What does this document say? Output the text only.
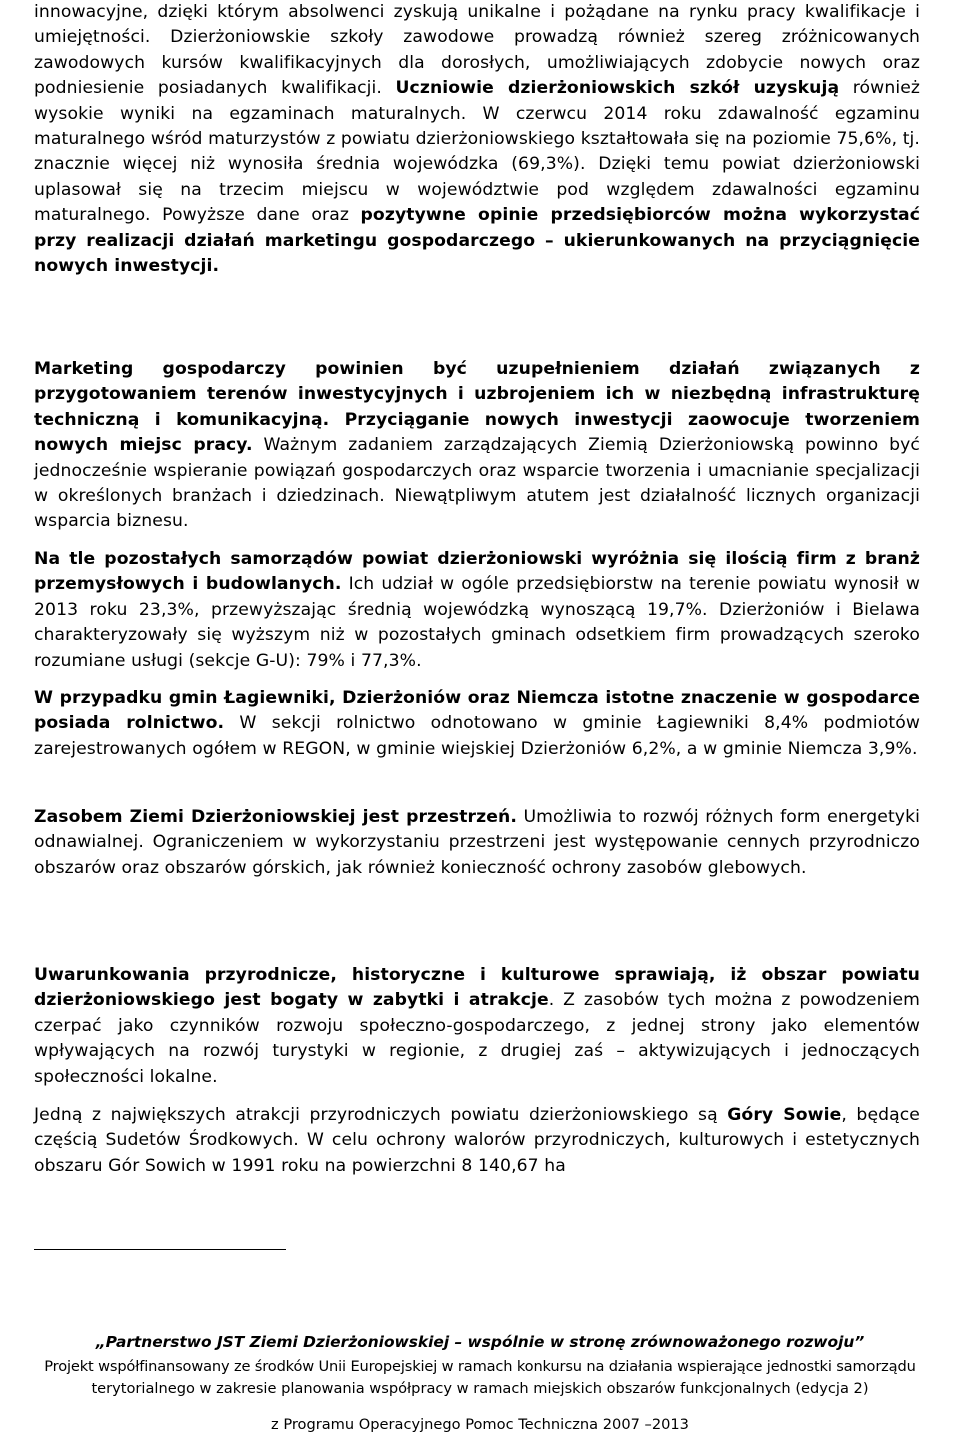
innowacyjne, dzięki którym absolwenci zyskują unikalne i pożądane na rynku pracy kwalifikacje i umiejętności. Dzierżoniowskie szkoły zawodowe prowadzą również szereg zróżnicowanych zawodowych kursów kwalifikacyjnych dla dorosłych, umożliwiających zdobycie nowych oraz podniesienie posiadanych kwalifikacji. Uczniowie dzierżoniowskich szkół uzyskują również wysokie wyniki na egzaminach maturalnych. W czerwcu 2014 roku zdawalność egzaminu maturalnego wśród maturzystów z powiatu dzierżoniowskiego kształtowała się na poziomie 75,6%, tj. znacznie więcej niż wynosiła średnia wojewódzka (69,3%). Dzięki temu powiat dzierżoniowski uplasował się na trzecim miejscu w województwie pod względem zdawalności egzaminu maturalnego. Powyższe dane oraz pozytywne opinie przedsiębiorców można wykorzystać przy realizacji działań marketingu gospodarczego – ukierunkowanych na przyciągnięcie nowych inwestycji.

Marketing gospodarczy powinien być uzupełnieniem działań związanych z przygotowaniem terenów inwestycyjnych i uzbrojeniem ich w niezbędną infrastrukturę techniczną i komunikacyjną. Przyciąganie nowych inwestycji zaowocuje tworzeniem nowych miejsc pracy. Ważnym zadaniem zarządzających Ziemią Dzierżoniowską powinno być jednocześnie wspieranie powiązań gospodarczych oraz wsparcie tworzenia i umacnianie specjalizacji w określonych branżach i dziedzinach. Niewątpliwym atutem jest działalność licznych organizacji wsparcia biznesu.

Na tle pozostałych samorządów powiat dzierżoniowski wyróżnia się ilością firm z branż przemysłowych i budowlanych. Ich udział w ogóle przedsiębiorstw na terenie powiatu wynosił w 2013 roku 23,3%, przewyższając średnią wojewódzką wynoszącą 19,7%. Dzierżoniów i Bielawa charakteryzowały się wyższym niż w pozostałych gminach odsetkiem firm prowadzących szeroko rozumiane usługi (sekcje G-U): 79% i 77,3%.

W przypadku gmin Łagiewniki, Dzierżoniów oraz Niemcza istotne znaczenie w gospodarce posiada rolnictwo. W sekcji rolnictwo odnotowano w gminie Łagiewniki 8,4% podmiotów zarejestrowanych ogółem w REGON, w gminie wiejskiej Dzierżoniów 6,2%, a w gminie Niemcza 3,9%.

Zasobem Ziemi Dzierżoniowskiej jest przestrzeń. Umożliwia to rozwój różnych form energetyki odnawialnej. Ograniczeniem w wykorzystaniu przestrzeni jest występowanie cennych przyrodniczo obszarów oraz obszarów górskich, jak również konieczność ochrony zasobów glebowych.

Uwarunkowania przyrodnicze, historyczne i kulturowe sprawiają, iż obszar powiatu dzierżoniowskiego jest bogaty w zabytki i atrakcje. Z zasobów tych można z powodzeniem czerpać jako czynników rozwoju społeczno-gospodarczego, z jednej strony jako elementów wpływających na rozwój turystyki w regionie, z drugiej zaś – aktywizujących i jednoczących społeczności lokalne.

Jedną z największych atrakcji przyrodniczych powiatu dzierżoniowskiego są Góry Sowie, będące częścią Sudetów Środkowych. W celu ochrony walorów przyrodniczych, kulturowych i estetycznych obszaru Gór Sowich w 1991 roku na powierzchni 8 140,67 ha

„Partnerstwo JST Ziemi Dzierżoniowskiej – wspólnie w stronę zrównoważonego rozwoju”
Projekt współfinansowany ze środków Unii Europejskiej w ramach konkursu na działania wspierające jednostki samorządu
terytorialnego w zakresie planowania współpracy w ramach miejskich obszarów funkcjonalnych (edycja 2)
z Programu Operacyjnego Pomoc Techniczna 2007 –2013
